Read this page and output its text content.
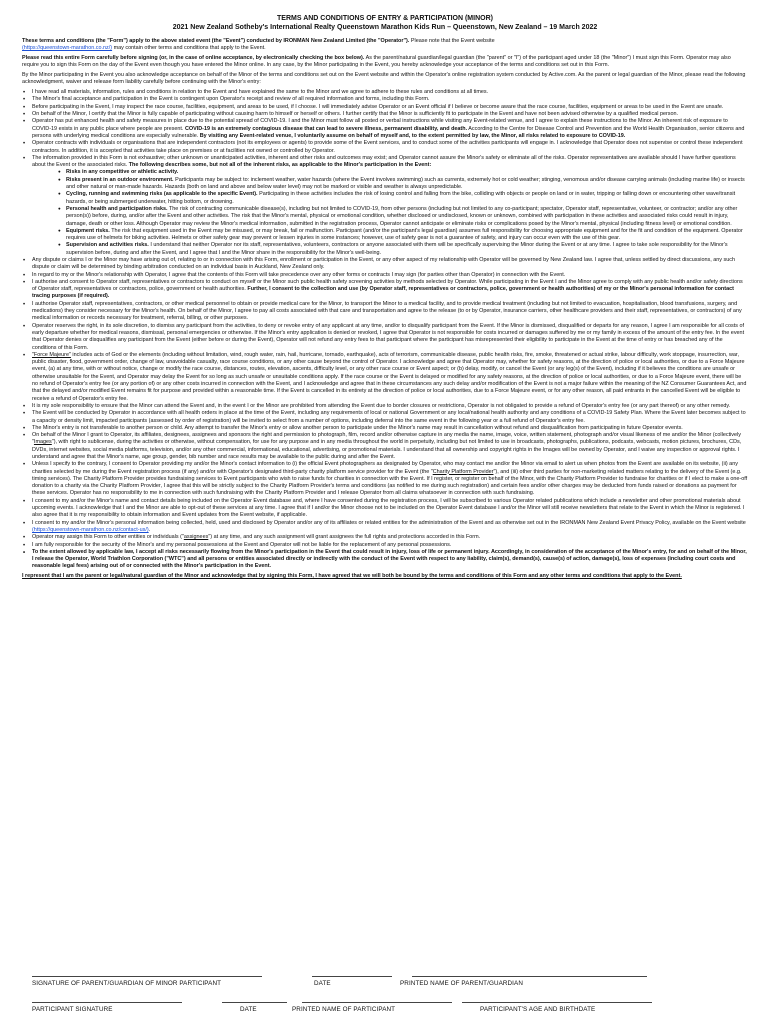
TERMS AND CONDITIONS OF ENTRY & PARTICIPATION (MINOR)
2021 New Zealand Sotheby's International Realty Queenstown Marathon Kids Run – Queenstown, New Zealand – 19 March 2022

These terms and conditions (the "Form") apply to the above stated event (the "Event") conducted by IRONMAN New Zealand Limited (the "Operator"). Please note that the Event website
(https://queenstown-marathon.co.nz/) may contain other terms and conditions that apply to the Event.

Please read this entire Form carefully before signing (or, in the case of online acceptance, by electronically checking the box below). As the parent/natural guardian/legal guardian (the "parent" or "I") of the participant aged under 18 (the "Minor") I must sign this Form. Operator may also require you to sign this Form on the day of the Event even though you have entered the Minor online. In any case, by the Minor participating in the Event, you hereby acknowledge your acceptance of the terms and conditions set out in this Form.

By the Minor participating in the Event you also acknowledge acceptance on behalf of the Minor of the terms and conditions set out on the Event website and within the Operator's online registration system conducted by Active.com. As the parent or legal guardian of the Minor, please read the following acknowledgment, waiver and release form liability carefully before continuing with the Minor's entry:

• I have read all materials, information, rules and conditions in relation to the Event and have explained the same to the Minor and we agree to adhere to these rules and conditions at all times.
• The Minor's final acceptance and participation in the Event is contingent upon Operator's receipt and review of all required information and forms, including this Form.
• Before participating in the Event, I may inspect the race course, facilities, equipment, and areas to be used, if I choose. I will immediately advise Operator or an Event official if I believe or become aware that the race course, facilities, equipment or areas to be used in the Event are unsafe.
• On behalf of the Minor, I certify that the Minor is fully capable of participating without causing harm to himself or herself or others. I further certify that the Minor is sufficiently fit to participate in the Event and have not been advised otherwise by a qualified medical person.
• Operator has put enhanced health and safety measures in place due to the potential spread of COVID-19. I and the Minor must follow all posted or verbal instructions while visiting any Event-related venue, and I agree to explain these instructions to the Minor. An inherent risk of exposure to COVID-19 exists in any public place where people are present. COVID-19 is an extremely contagious disease that can lead to severe illness, permanent disability, and death. According to the Centre for Disease Control and Prevention and the World Health Organisation, senior citizens and persons with underlying medical conditions are especially vulnerable. By visiting any Event-related venue, I voluntarily assume on behalf of myself and, to the extent permitted by law, the Minor, all risks related to exposure to COVID-19.
• Operator contracts with individuals or organisations that are independent contractors (not its employees or agents) to provide some of the Event services, and to conduct some of the activities participants will engage in. I acknowledge that Operator does not supervise or control these independent contractors. In addition, it is accepted that activities take place on premises or at facilities not owned or controlled by Operator.
• The information provided in this Form is not exhaustive; other unknown or unanticipated activities, inherent and other risks and outcomes may exist; and Operator cannot assure the Minor's safety or eliminate all of the risks. Operator representatives are available should I have further questions about the Event or the associated risks. The following describes some, but not all of the inherent risks, as applicable to the Minor's participation in the Event:
● Risks in any competitive or athletic activity.
● Risks present in an outdoor environment. Participants may be subject to: inclement weather, water hazards (where the Event involves swimming) such as currents, extremely hot or cold weather; stinging, venomous and/or disease carrying animals (including marine life) or insects and other natural or man-made hazards. Hazards (both on land and above and below water level) may not be marked or visible and weather is always unpredictable.
● Cycling, running and swimming risks (as applicable to the specific Event). Participating in these activities includes the risk of losing control and falling from the bike, colliding with objects or people on land or in water, tripping or falling down or encountering other wave/transit hazards, or being submerged underwater, hitting bottom, or drowning.
● Personal health and participation risks. The risk of contracting communicable disease(s), including but not limited to COVID-19, from other persons (including but not limited to any co-participant; spectator, Operator staff, representative, volunteer, or contractor; and/or any other person(s)) before, during, and/or after the Event and other activities. The risk that the Minor's mental, physical or emotional condition, whether disclosed or undisclosed, known or unknown, combined with participation in these activities and associated risks could result in injury, damage, death or other loss. Although Operator may review the Minor's medical information, submitted in the registration process, Operator cannot anticipate or eliminate risks or complications posed by the Minor's mental, physical (including fitness level) or emotional condition.
● Equipment risks. The risk that equipment used in the Event may be misused, or may break, fail or malfunction. Participant (and/or the participant's legal guardian) assumes full responsibility for choosing appropriate equipment and for the fit and condition of the equipment. Operator requires use of helmets for biking activities. Helmets or other safety gear may prevent or lessen injuries in some instances; however, use of safety gear is not a guarantee of safety, and injury can occur even with the use of this gear.
● Supervision and activities risks. I understand that neither Operator nor its staff, representatives, volunteers, contractors or anyone associated with them will be specifically supervising the Minor during the Event or at any time. I agree to take sole responsibility for the Minor's supervision before, during and after the Event, and I agree that I and the Minor share in the responsibility for the Minor's well-being.
• Any dispute or claims I or the Minor may have arising out of, relating to or in connection with this Form, enrollment or participation in the Event, or any other aspect of my relationship with Operator will be governed by New Zealand law. I agree that, unless settled by direct discussions, any such dispute or claim will be determined by binding arbitration conducted on an individual basis in Auckland, New Zealand only.
• In regard to my or the Minor's relationship with Operator, I agree that the contents of this Form will take precedence over any other forms or contracts I may sign (for parties other than Operator) in connection with the Event.
• I authorise and consent to Operator staff, representatives or contractors to conduct on myself or the Minor such public health safety screening activities by methods selected by Operator. While participating in the Event I and the Minor agree to comply with any public health and/or safety directions of Operator staff, representatives or contractors, police, government or health authorities. Further, I consent to the collection and use (by Operator staff, representatives or contractors, police, government or health authorities) of my or the Minor's personal information for contact tracing purposes (if required).
• I authorise Operator staff, representatives, contractors, or other medical personnel to obtain or provide medical care for the Minor, to transport the Minor to a medical facility, and to provide medical treatment (including but not limited to evacuation, hospitalisation, blood transfusions, surgery, and medications) they consider necessary for the Minor's health. On behalf of the Minor, I agree to pay all costs associated with that care and transportation and agree to the release (to or by Operator, insurance carriers, other healthcare providers and their staff, representatives, or contractors) of any medical information or records necessary for treatment, referral, billing, or other purposes.
• Operator reserves the right, in its sole discretion, to dismiss any participant from the activities, to deny or revoke entry of any applicant at any time, and/or to disqualify participant from the Event. If the Minor is dismissed, disqualified or departs for any reason, I agree I am responsible for all costs of early departure whether for medical reasons, dismissal, personal emergencies or otherwise. If the Minor's entry application is denied or revoked, I agree that Operator is not responsible for costs incurred or damages suffered by me or my family in excess of the amount of the entry fee. In the event that Operator denies or disqualifies any participant from the Event (either before or during the Event), Operator will not refund any entry fees to that participant where the participant has misrepresented their eligibility to participate in the Event at the time of entry or has breached any of the conditions of this Form.
• "Force Majeure" includes acts of God or the elements (including without limitation, wind, rough water, rain, hail, hurricane, tornado, earthquake), acts of terrorism, communicable disease, public health risks, fire, smoke, threatened or actual strike, labour difficulty, work stoppage, insurrection, war, public disaster, flood, government order, change of law, unavoidable casualty, race course conditions, or any other cause beyond the control of Operator. I acknowledge and agree that Operator may, whether for safety reasons, at the direction of police or local authorities, or due to a Force Majeure event, (a) at any time, with or without notice, change or modify the race course, distances, routes, elevation, ascents, difficulty level, or any other race course or Event aspect; or (b) delay, modify, or cancel the Event (or any leg(s) of the Event), including if it believes the conditions are unsafe or otherwise unsuitable for the Event, and Operator may delay the Event for so long as such unsafe or unsuitable conditions apply. If the race course or the Event is delayed or modified for any safety reasons, at the direction of police or local authorities, or due to a Force Majeure event, there will be no refund of Operator's entry fee (or any portion of) or any other costs incurred in connection with the Event, and I acknowledge and agree that in these circumstances any such delay and/or modification of the Event is not a major failure within the meaning of the NZ Consumer Guarantees Act, and that the delayed and/or modified Event remains fit for purpose and provided within a reasonable time. If the Event is cancelled in its entirety at the direction of police or local authorities, due to a Force Majeure event, or for any other reason, all paid entrants in the cancelled Event will be eligible to receive a refund of Operator's entry fee.
• It is my sole responsibility to ensure that the Minor can attend the Event and, in the event I or the Minor are prohibited from attending the Event due to border closures or restrictions, Operator is not obligated to provide a refund of Operator's entry fee (or any part thereof) or any other remedy.
• The Event will be conducted by Operator in accordance with all health orders in place at the time of the Event, including any requirements of local or national Government or any local/national health authority and any conditions of a COVID-19 Safety Plan. Where the Event later becomes subject to a capacity or density limit, impacted participants (assessed by order of registration) will be invited to select from a number of options, including deferral into the same event in the following year or a full refund of Operator's entry fee.
• The Minor's entry is not transferable to another person or child. Any attempt to transfer the Minor's entry or allow another person to participate under the Minor's name may result in cancellation without refund and disqualification from participating in future Operator events.
• On behalf of the Minor I grant to Operator, its affiliates, designees, assignees and sponsors the right and permission to photograph, film, record and/or otherwise capture in any media the name, image, voice, written statement, photograph and/or visual likeness of me and/or the Minor (collectively "Images"), with right to sublicense, during the activities or otherwise, without compensation, for use for any purpose and in any media throughout the world in perpetuity, including but not limited to use in broadcasts, photographs, publications, podcasts, webcasts, motion pictures, brochures, CDs, DVDs, internet websites, social media platforms, television, and/or any other commercial, informational, educational, advertising, or promotional materials. I understand that all ownership and copyright rights in the Images will be owned by Operator, and I waive any inspection or approval rights. I understand and agree that the Minor's name, age group, gender, bib number and race results may be available to the public during and after the Event.
• Unless I specify to the contrary, I consent to Operator providing my and/or the Minor's contact information to (i) the official Event photographers as designated by Operator, who may contact me and/or the Minor via email to alert us when photos from the Event are available on its website, (ii) any charities selected by me during the Event registration process (if any) and/or with Operator's designated third-party charity platform service provider for the Event (the "Charity Platform Provider"), and (iii) other third parties for non-marketing related matters relating to the delivery of the Event (e.g. timing services). The Charity Platform Provider provides fundraising services to Event participants who wish to raise funds for charities in connection with the Event. If I register, or register on behalf of the Minor, with the Charity Platform Provider to fundraise for charities or if I elect to make a one-off donation to a charity via the Charity Platform Provider, I agree that this will be strictly subject to the Charity Platform Provider's terms and conditions (as notified to me during such registration) and certain fees and/or other charges may be deducted from funds raised or donations as payment for these services. Operator has no responsibility to me in connection with such fundraising with the Charity Platform Provider and I release Operator from all claims whatsoever in connection with such fundraising.
• I consent to my and/or the Minor's name and contact details being included on the Operator Event database and, where I have consented during the registration process, I will be subscribed to various Operator related publications which include a newsletter and other promotional materials about upcoming events. I acknowledge that I and the Minor are able to opt-out of these services at any time. I agree that if I and/or the Minor choose not to be included on the Operator Event database I and/or the Minor will still receive newsletters that relate to the Event in which the Minor is registered. I also agree that it is my responsibility to obtain information and Event updates from the Event website, if applicable.
• I consent to my and/or the Minor's personal information being collected, held, used and disclosed by Operator and/or any of its affiliates or related entities for the administration of the Event and as otherwise set out in the IRONMAN New Zealand Event Privacy Policy, available on the Event website (https://queenstown-marathon.co.nz/contact-us/).
• Operator may assign this Form to other entities or individuals ("assignees") at any time, and any such assignment will grant assignees the full rights and protections accorded in this Form.
• I am fully responsible for the security of the Minor's and my personal possessions at the Event and Operator will not be liable for the replacement of any personal possessions.
• To the extent allowed by applicable law, I accept all risks necessarily flowing from the Minor's participation in the Event that could result in injury, loss of life or permanent injury. Accordingly, in consideration of the acceptance of the Minor's entry, for and on behalf of the Minor, I release the Operator, World Triathlon Corporation ("WTC") and all persons or entities associated directly or indirectly with the conduct of the Event with respect to any liability, claim(s), demand(s), cause(s) of action, damage(s), loss of expenses (including court costs and reasonable legal fees) arising out of or connected with the Minor's participation in the Event.

I represent that I am the parent or legal/natural guardian of the Minor and acknowledge that by signing this Form, I have agreed that we will both be bound by the terms and conditions of this Form and any other terms and conditions that apply to the Event.

SIGNATURE OF PARENT/GUARDIAN OF MINOR PARTICIPANT	DATE	PRINTED NAME OF PARENT/GUARDIAN
PARTICIPANT SIGNATURE	DATE	PRINTED NAME OF PARTICIPANT	PARTICIPANT'S AGE AND BIRTHDATE
